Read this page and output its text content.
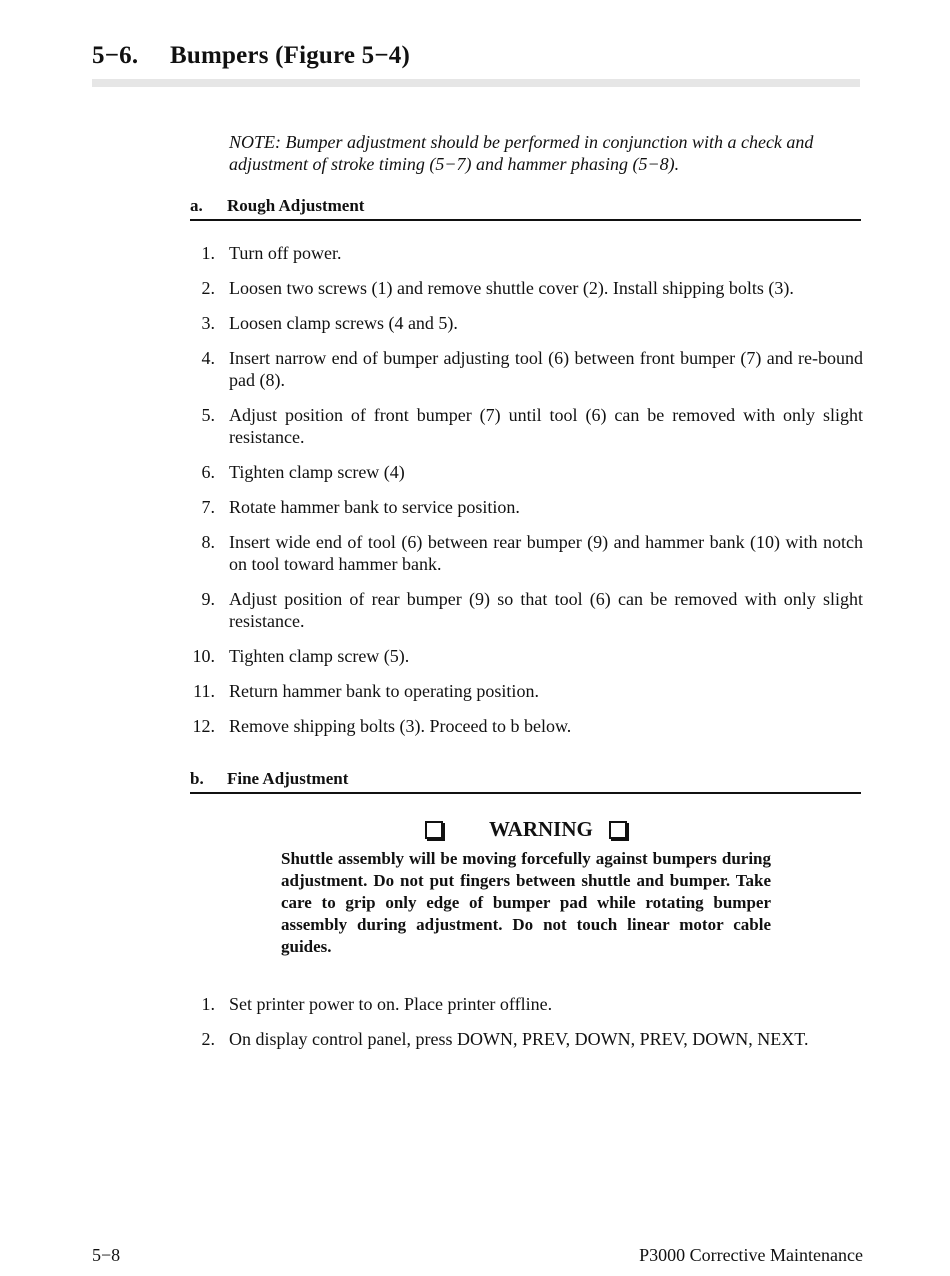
5−6. Bumpers (Figure 5−4)

NOTE: Bumper adjustment should be performed in conjunction with a check and adjustment of stroke timing (5−7) and hammer phasing (5−8).

a. Rough Adjustment
1. Turn off power.
2. Loosen two screws (1) and remove shuttle cover (2). Install shipping bolts (3).
3. Loosen clamp screws (4 and 5).
4. Insert narrow end of bumper adjusting tool (6) between front bumper (7) and re-bound pad (8).
5. Adjust position of front bumper (7) until tool (6) can be removed with only slight resistance.
6. Tighten clamp screw (4)
7. Rotate hammer bank to service position.
8. Insert wide end of tool (6) between rear bumper (9) and hammer bank (10) with notch on tool toward hammer bank.
9. Adjust position of rear bumper (9) so that tool (6) can be removed with only slight resistance.
10. Tighten clamp screw (5).
11. Return hammer bank to operating position.
12. Remove shipping bolts (3). Proceed to b below.
b. Fine Adjustment
WARNING

Shuttle assembly will be moving forcefully against bumpers during adjustment. Do not put fingers between shuttle and bumper. Take care to grip only edge of bumper pad while rotating bumper assembly during adjustment. Do not touch linear motor cable guides.

1. Set printer power to on. Place printer offline.
2. On display control panel, press DOWN, PREV, DOWN, PREV, DOWN, NEXT.
5−8	P3000 Corrective Maintenance
